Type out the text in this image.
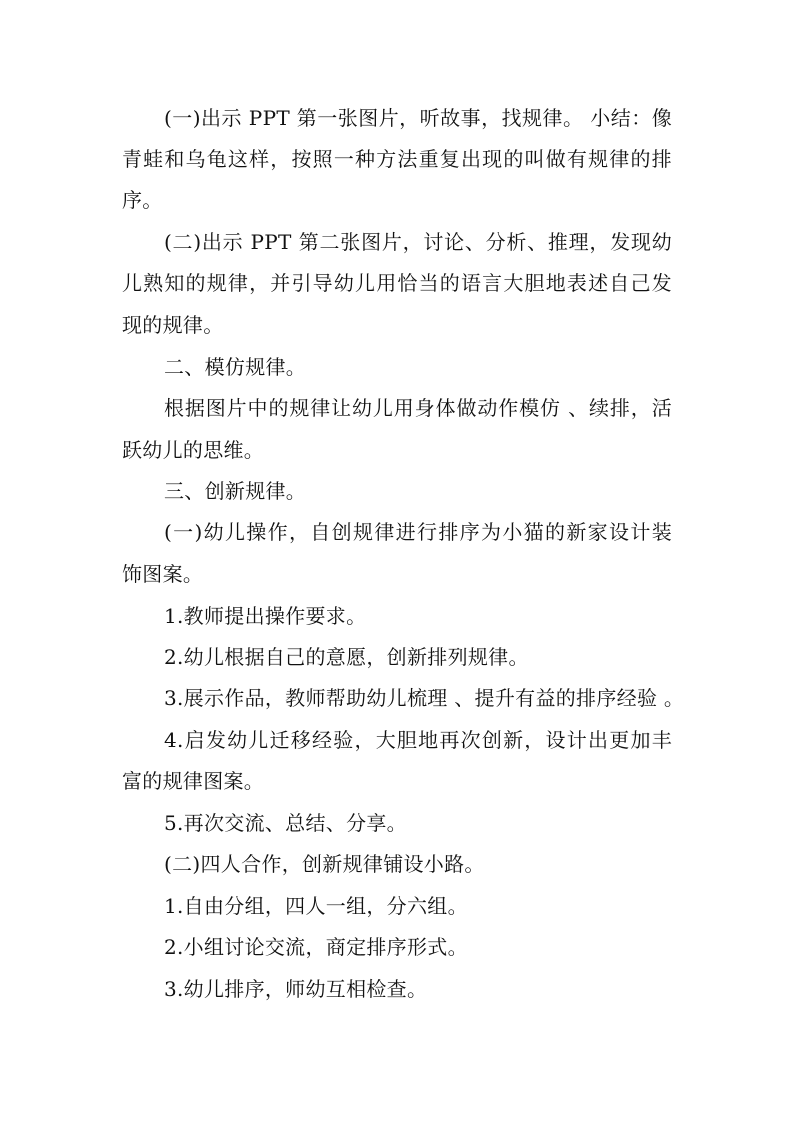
(一)出示 PPT 第一张图片，听故事，找规律。 小结：像
青蛙和乌龟这样，按照一种方法重复出现的叫做有规律的排
序。
(二)出示 PPT 第二张图片，讨论、分析、推理，发现幼
儿熟知的规律，并引导幼儿用恰当的语言大胆地表述自己发
现的规律。
二、模仿规律。
根据图片中的规律让幼儿用身体做动作模仿 、续排，活
跃幼儿的思维。
三、创新规律。
(一)幼儿操作，自创规律进行排序为小猫的新家设计装
饰图案。
1.教师提出操作要求。
2.幼儿根据自己的意愿，创新排列规律。
3.展示作品，教师帮助幼儿梳理 、提升有益的排序经验 。
4.启发幼儿迁移经验，大胆地再次创新，设计出更加丰
富的规律图案。
5.再次交流、总结、分享。
(二)四人合作，创新规律铺设小路。
1.自由分组，四人一组，分六组。
2.小组讨论交流，商定排序形式。
3.幼儿排序，师幼互相检查。
